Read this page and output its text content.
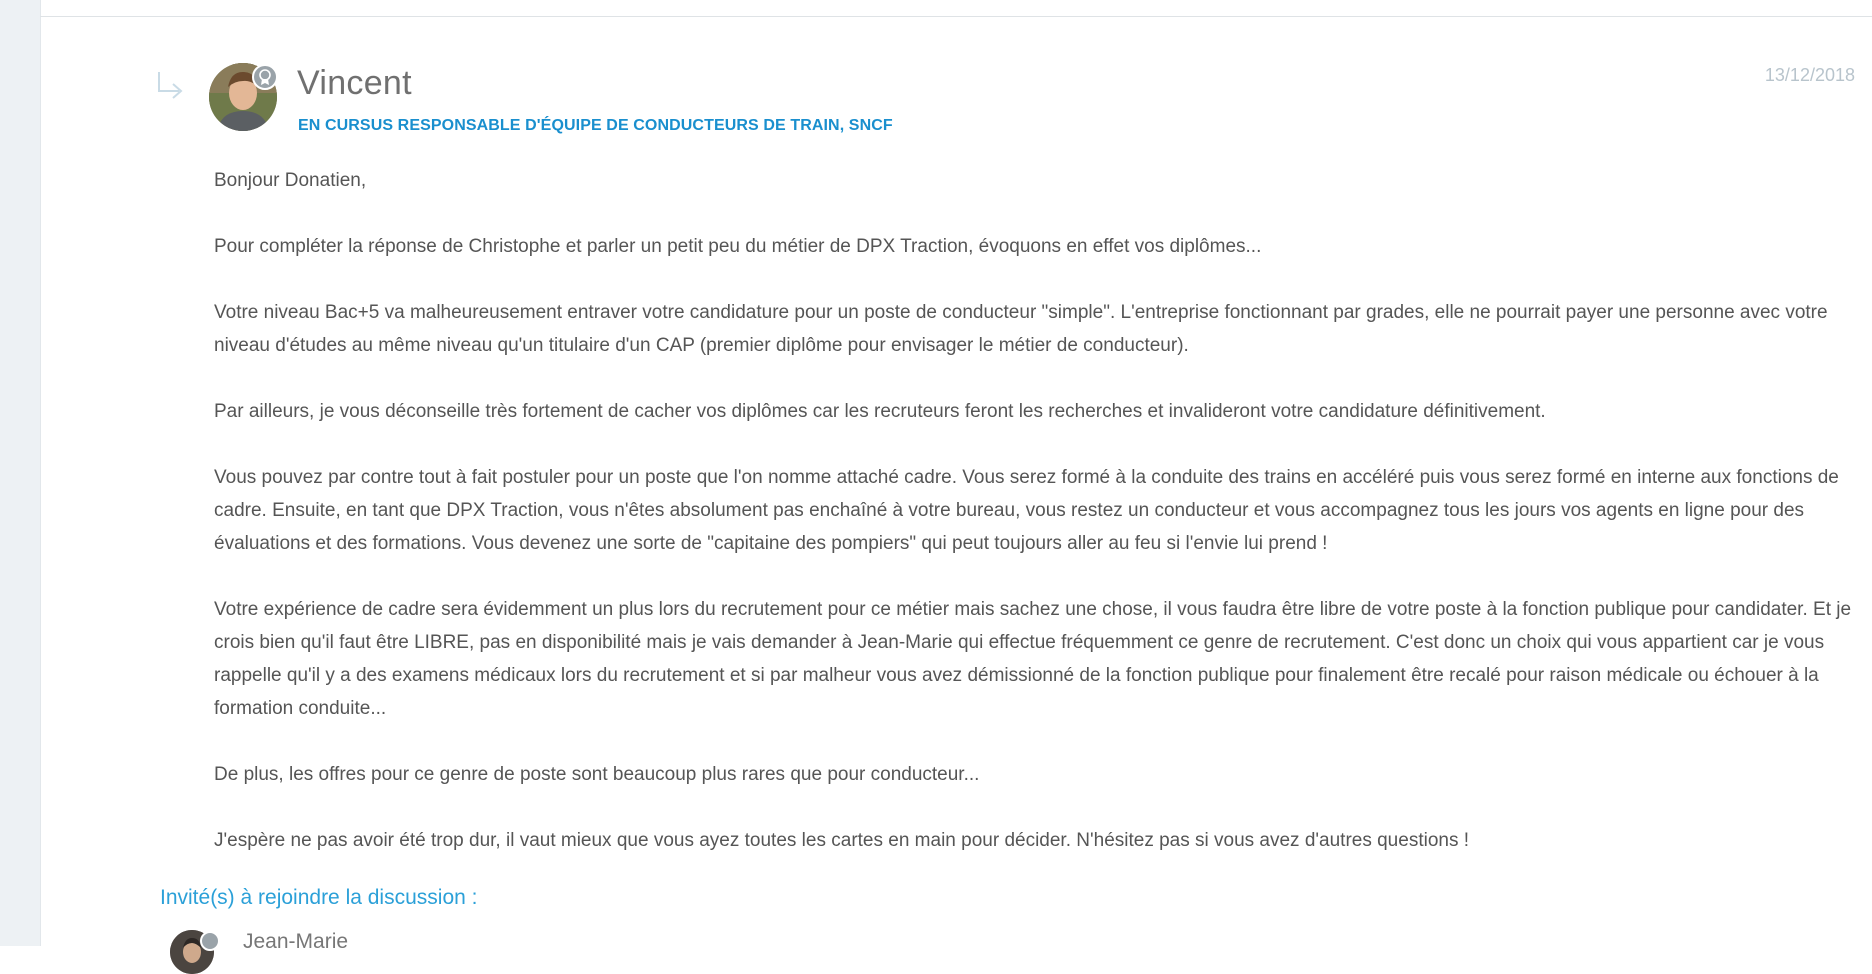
Vincent
EN CURSUS RESPONSABLE D'ÉQUIPE DE CONDUCTEURS DE TRAIN, SNCF
13/12/2018

Bonjour Donatien,

Pour compléter la réponse de Christophe et parler un petit peu du métier de DPX Traction, évoquons en effet vos diplômes...

Votre niveau Bac+5 va malheureusement entraver votre candidature pour un poste de conducteur "simple". L'entreprise fonctionnant par grades, elle ne pourrait payer une personne avec votre niveau d'études au même niveau qu'un titulaire d'un CAP (premier diplôme pour envisager le métier de conducteur).

Par ailleurs, je vous déconseille très fortement de cacher vos diplômes car les recruteurs feront les recherches et invalideront votre candidature définitivement.

Vous pouvez par contre tout à fait postuler pour un poste que l'on nomme attaché cadre. Vous serez formé à la conduite des trains en accéléré puis vous serez formé en interne aux fonctions de cadre. Ensuite, en tant que DPX Traction, vous n'êtes absolument pas enchaîné à votre bureau, vous restez un conducteur et vous accompagnez tous les jours vos agents en ligne pour des évaluations et des formations. Vous devenez une sorte de "capitaine des pompiers" qui peut toujours aller au feu si l'envie lui prend !

Votre expérience de cadre sera évidemment un plus lors du recrutement pour ce métier mais sachez une chose, il vous faudra être libre de votre poste à la fonction publique pour candidater. Et je crois bien qu'il faut être LIBRE, pas en disponibilité mais je vais demander à Jean-Marie qui effectue fréquemment ce genre de recrutement. C'est donc un choix qui vous appartient car je vous rappelle qu'il y a des examens médicaux lors du recrutement et si par malheur vous avez démissionné de la fonction publique pour finalement être recalé pour raison médicale ou échouer à la formation conduite...

De plus, les offres pour ce genre de poste sont beaucoup plus rares que pour conducteur...

J'espère ne pas avoir été trop dur, il vaut mieux que vous ayez toutes les cartes en main pour décider. N'hésitez pas si vous avez d'autres questions !

Invité(s) à rejoindre la discussion :
Jean-Marie
